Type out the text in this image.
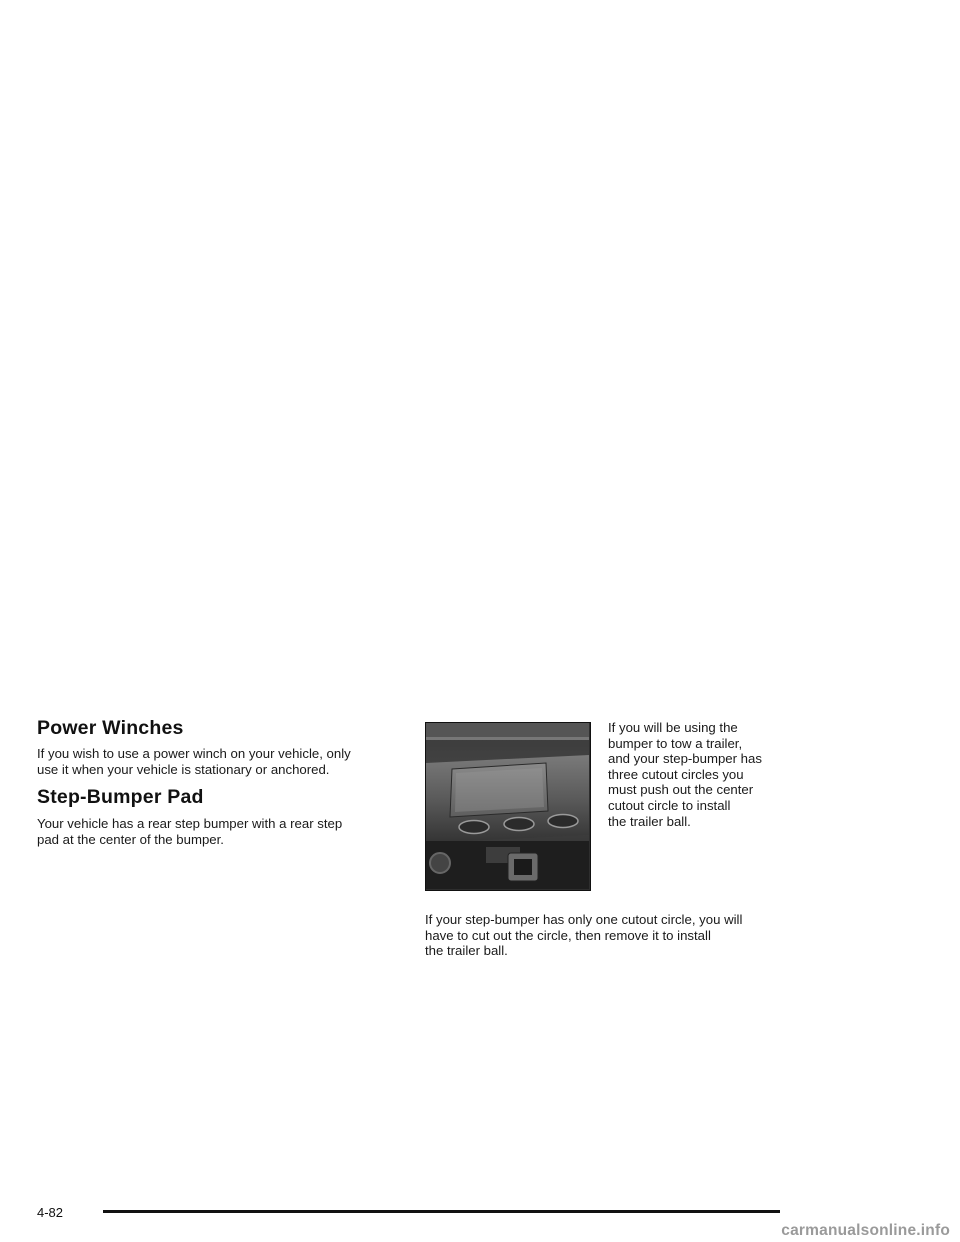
Power Winches

If you wish to use a power winch on your vehicle, only
use it when your vehicle is stationary or anchored.

Step-Bumper Pad

Your vehicle has a rear step bumper with a rear step
pad at the center of the bumper.

If you will be using the
bumper to tow a trailer,
and your step-bumper has
three cutout circles you
must push out the center
cutout circle to install
the trailer ball.

If your step-bumper has only one cutout circle, you will
have to cut out the circle, then remove it to install
the trailer ball.

4-82

carmanualsonline.info
